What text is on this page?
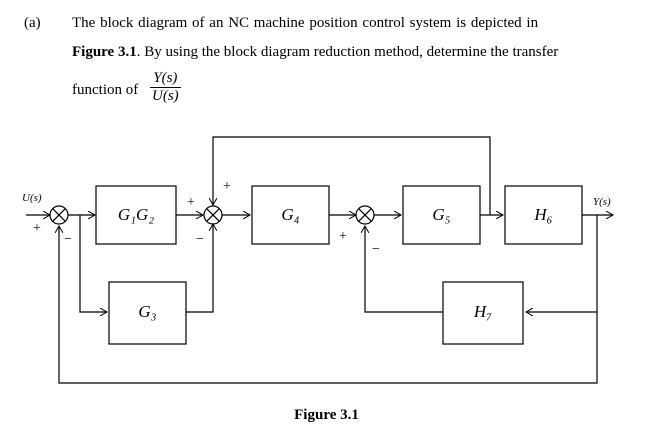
(a) The block diagram of an NC machine position control system is depicted in
Figure 3.1. By using the block diagram reduction method, determine the transfer
function of $\frac{Y(s)}{U(s)}$
G₁G₂
G₃
G₄	G₅	H₆
H₇
U(s)	Y(s)
+
−
+
+
−	+
−
Figure 3.1
